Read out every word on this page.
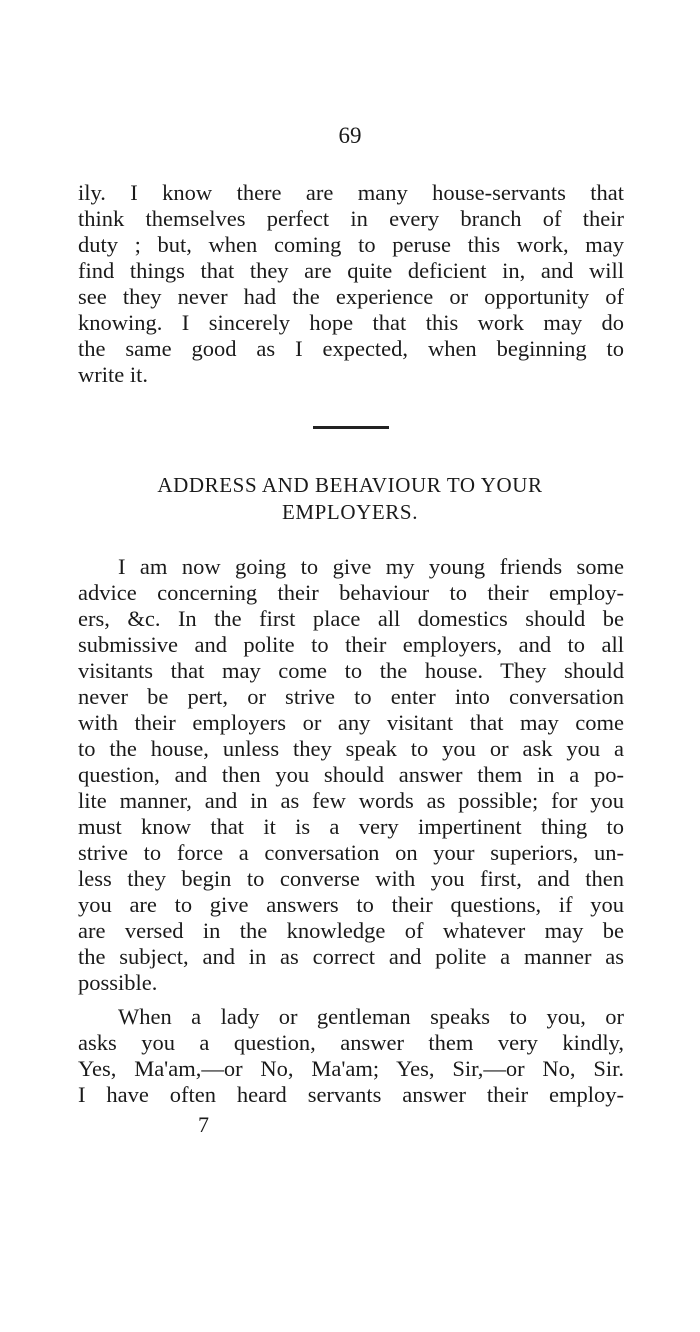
69
ily. I know there are many house-servants that
think themselves perfect in every branch of their
duty ; but, when coming to peruse this work, may
find things that they are quite deficient in, and will
see they never had the experience or opportunity of
knowing. I sincerely hope that this work may do
the same good as I expected, when beginning to
write it.
ADDRESS AND BEHAVIOUR TO YOUR
EMPLOYERS.
I am now going to give my young friends some
advice concerning their behaviour to their employ-
ers, &c. In the first place all domestics should be
submissive and polite to their employers, and to all
visitants that may come to the house. They should
never be pert, or strive to enter into conversation
with their employers or any visitant that may come
to the house, unless they speak to you or ask you a
question, and then you should answer them in a po-
lite manner, and in as few words as possible; for you
must know that it is a very impertinent thing to
strive to force a conversation on your superiors, un-
less they begin to converse with you first, and then
you are to give answers to their questions, if you
are versed in the knowledge of whatever may be
the subject, and in as correct and polite a manner as
possible.
When a lady or gentleman speaks to you, or
asks you a question, answer them very kindly,
Yes, Ma'am,—or No, Ma'am; Yes, Sir,—or No, Sir.
I have often heard servants answer their employ-
7
